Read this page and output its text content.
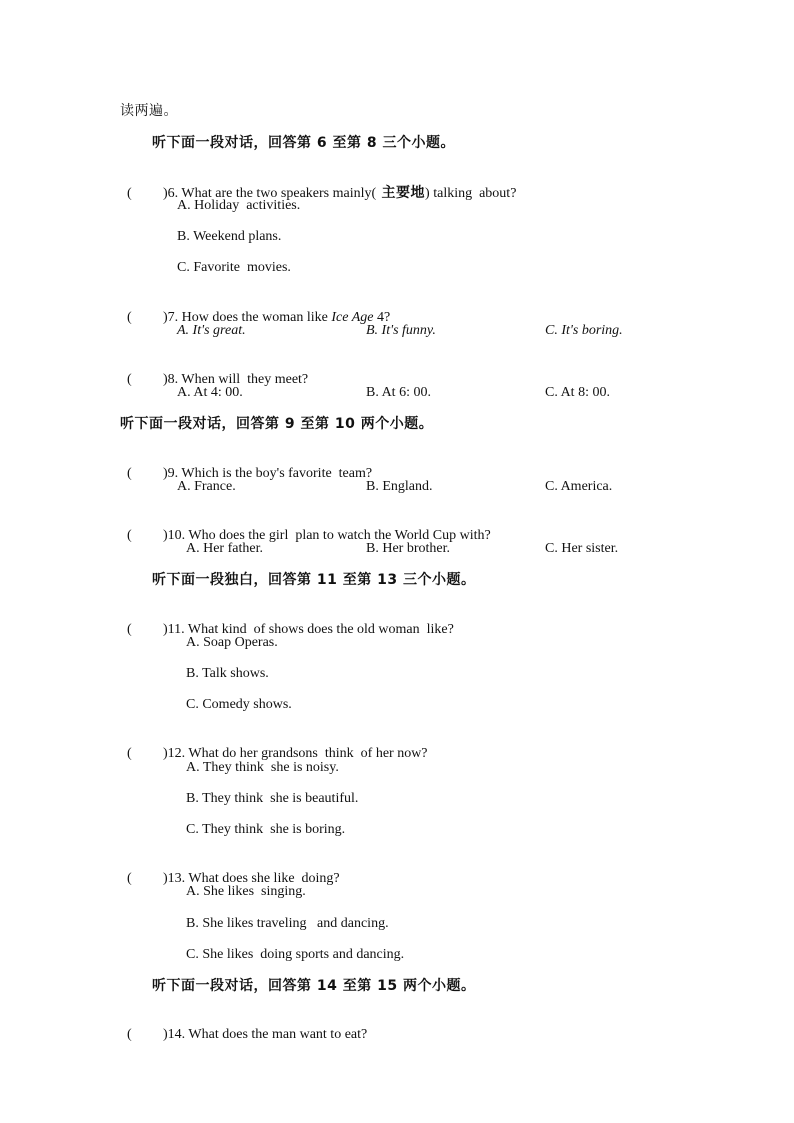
读两遍。
听下面一段对话，回答第 6 至第 8 三个小题。

( )6. What are the two speakers mainly( 主要地) talking  about?

A. Holiday  activities.
B. Weekend plans.
C. Favorite  movies.

( )7. How does the woman like Ice Age 4?

A. It's great.	B. It's funny.	C. It's boring.

( )8. When will  they meet?

A. At 4: 00.	B. At 6: 00.	C. At 8: 00.
听下面一段对话，回答第 9 至第 10 两个小题。

( )9. Which is the boy's favorite  team?

A. France.	B. England.	C. America.

( )10. Who does the girl  plan to watch the World Cup with?

A. Her father.	B. Her brother.	C. Her sister.
听下面一段独白，回答第 11 至第 13 三个小题。

( )11. What kind  of shows does the old woman  like?

A. Soap Operas.
B. Talk shows.
C. Comedy shows.

( )12. What do her grandsons  think  of her now?

A. They think  she is noisy.
B. They think  she is beautiful.
C. They think  she is boring.

( )13. What does she like  doing?

A. She likes  singing.
B. She likes traveling   and dancing.
C. She likes  doing sports and dancing.
听下面一段对话，回答第 14 至第 15 两个小题。

( )14. What does the man want to eat?
